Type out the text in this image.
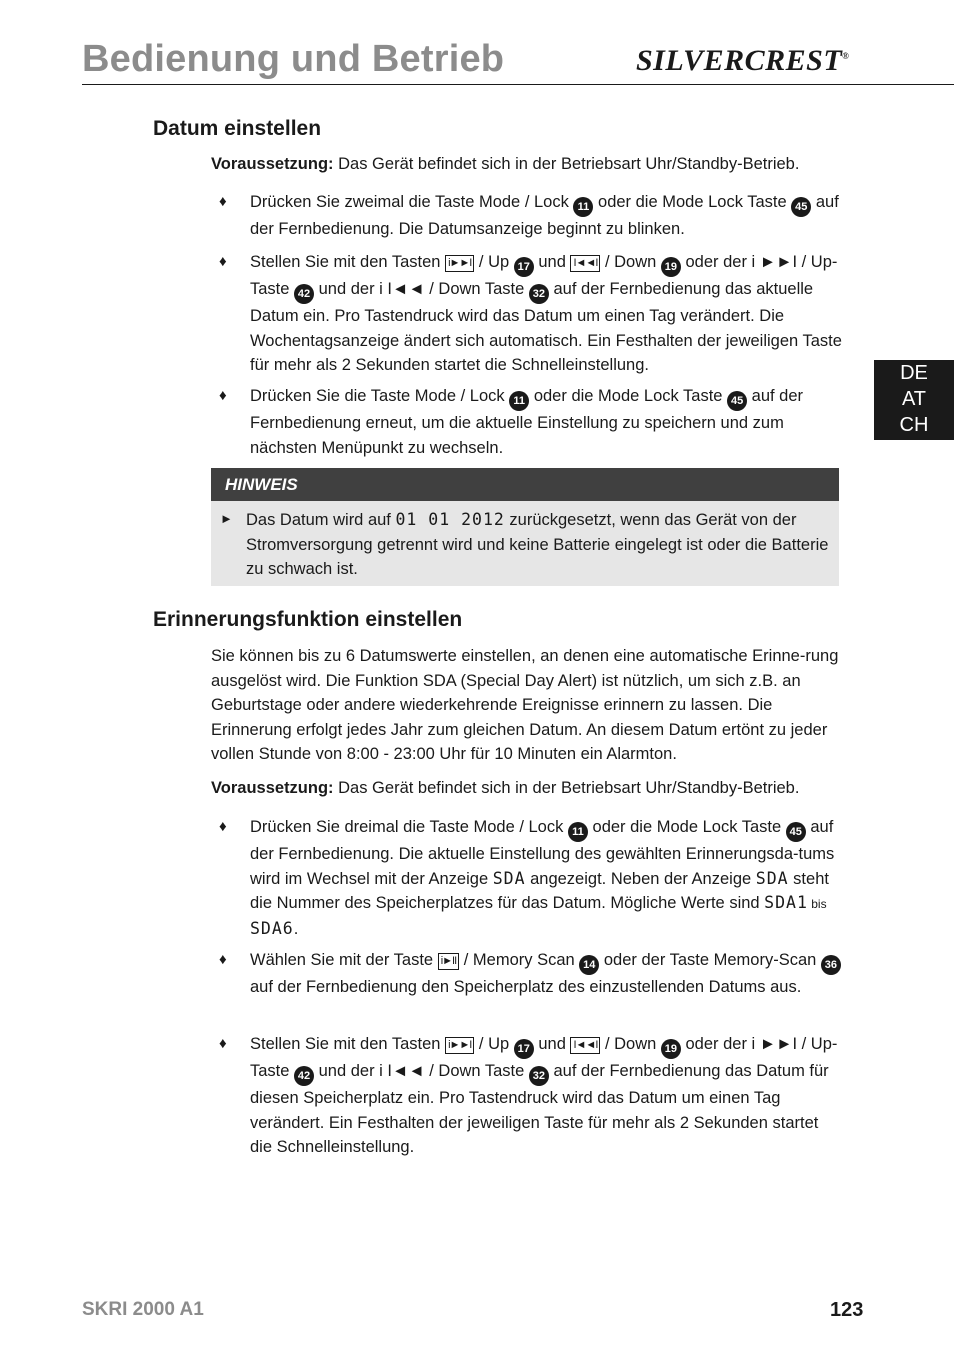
Bedienung und Betrieb	SILVERCREST®
DE
AT
CH
Datum einstellen

Voraussetzung: Das Gerät befindet sich in der Betriebsart Uhr/Standby-Betrieb.

♦ Drücken Sie zweimal die Taste Mode / Lock 11 oder die Mode Lock Taste 45 auf der Fernbedienung. Die Datumsanzeige beginnt zu blinken.
♦ Stellen Sie mit den Tasten i►►I / Up 17 und I◄◄I / Down 19 oder der i ►►I / Up-Taste 42 und der i I◄◄ / Down Taste 32 auf der Fernbedienung das aktuelle Datum ein. Pro Tastendruck wird das Datum um einen Tag verändert. Die Wochentagsanzeige ändert sich automatisch. Ein Festhalten der jeweiligen Taste für mehr als 2 Sekunden startet die Schnelleinstellung.
♦ Drücken Sie die Taste Mode / Lock 11 oder die Mode Lock Taste 45 auf der Fernbedienung erneut, um die aktuelle Einstellung zu speichern und zum nächsten Menüpunkt zu wechseln.
HINWEIS
► Das Datum wird auf 01 01 2012 zurückgesetzt, wenn das Gerät von der Stromversorgung getrennt wird und keine Batterie eingelegt ist oder die Batterie zu schwach ist.
Erinnerungsfunktion einstellen

Sie können bis zu 6 Datumswerte einstellen, an denen eine automatische Erinne-rung ausgelöst wird. Die Funktion SDA (Special Day Alert) ist nützlich, um sich z.B. an Geburtstage oder andere wiederkehrende Ereignisse erinnern zu lassen. Die Erinnerung erfolgt jedes Jahr zum gleichen Datum. An diesem Datum ertönt zu jeder vollen Stunde von 8:00 - 23:00 Uhr für 10 Minuten ein Alarmton.

Voraussetzung: Das Gerät befindet sich in der Betriebsart Uhr/Standby-Betrieb.

♦ Drücken Sie dreimal die Taste Mode / Lock 11 oder die Mode Lock Taste 45 auf der Fernbedienung. Die aktuelle Einstellung des gewählten Erinnerungsda-tums wird im Wechsel mit der Anzeige SDA angezeigt. Neben der Anzeige SDA steht die Nummer des Speicherplatzes für das Datum. Mögliche Werte sind SDA1 bis SDA6.
♦ Wählen Sie mit der Taste i►II / Memory Scan 14 oder der Taste Memory-Scan 36 auf der Fernbedienung den Speicherplatz des einzustellenden Datums aus.
♦ Stellen Sie mit den Tasten i►►I / Up 17 und I◄◄I / Down 19 oder der i ►►I / Up-Taste 42 und der i I◄◄ / Down Taste 32 auf der Fernbedienung das Datum für diesen Speicherplatz ein. Pro Tastendruck wird das Datum um einen Tag verändert. Ein Festhalten der jeweiligen Taste für mehr als 2 Sekunden startet die Schnelleinstellung.
SKRI 2000 A1	123
